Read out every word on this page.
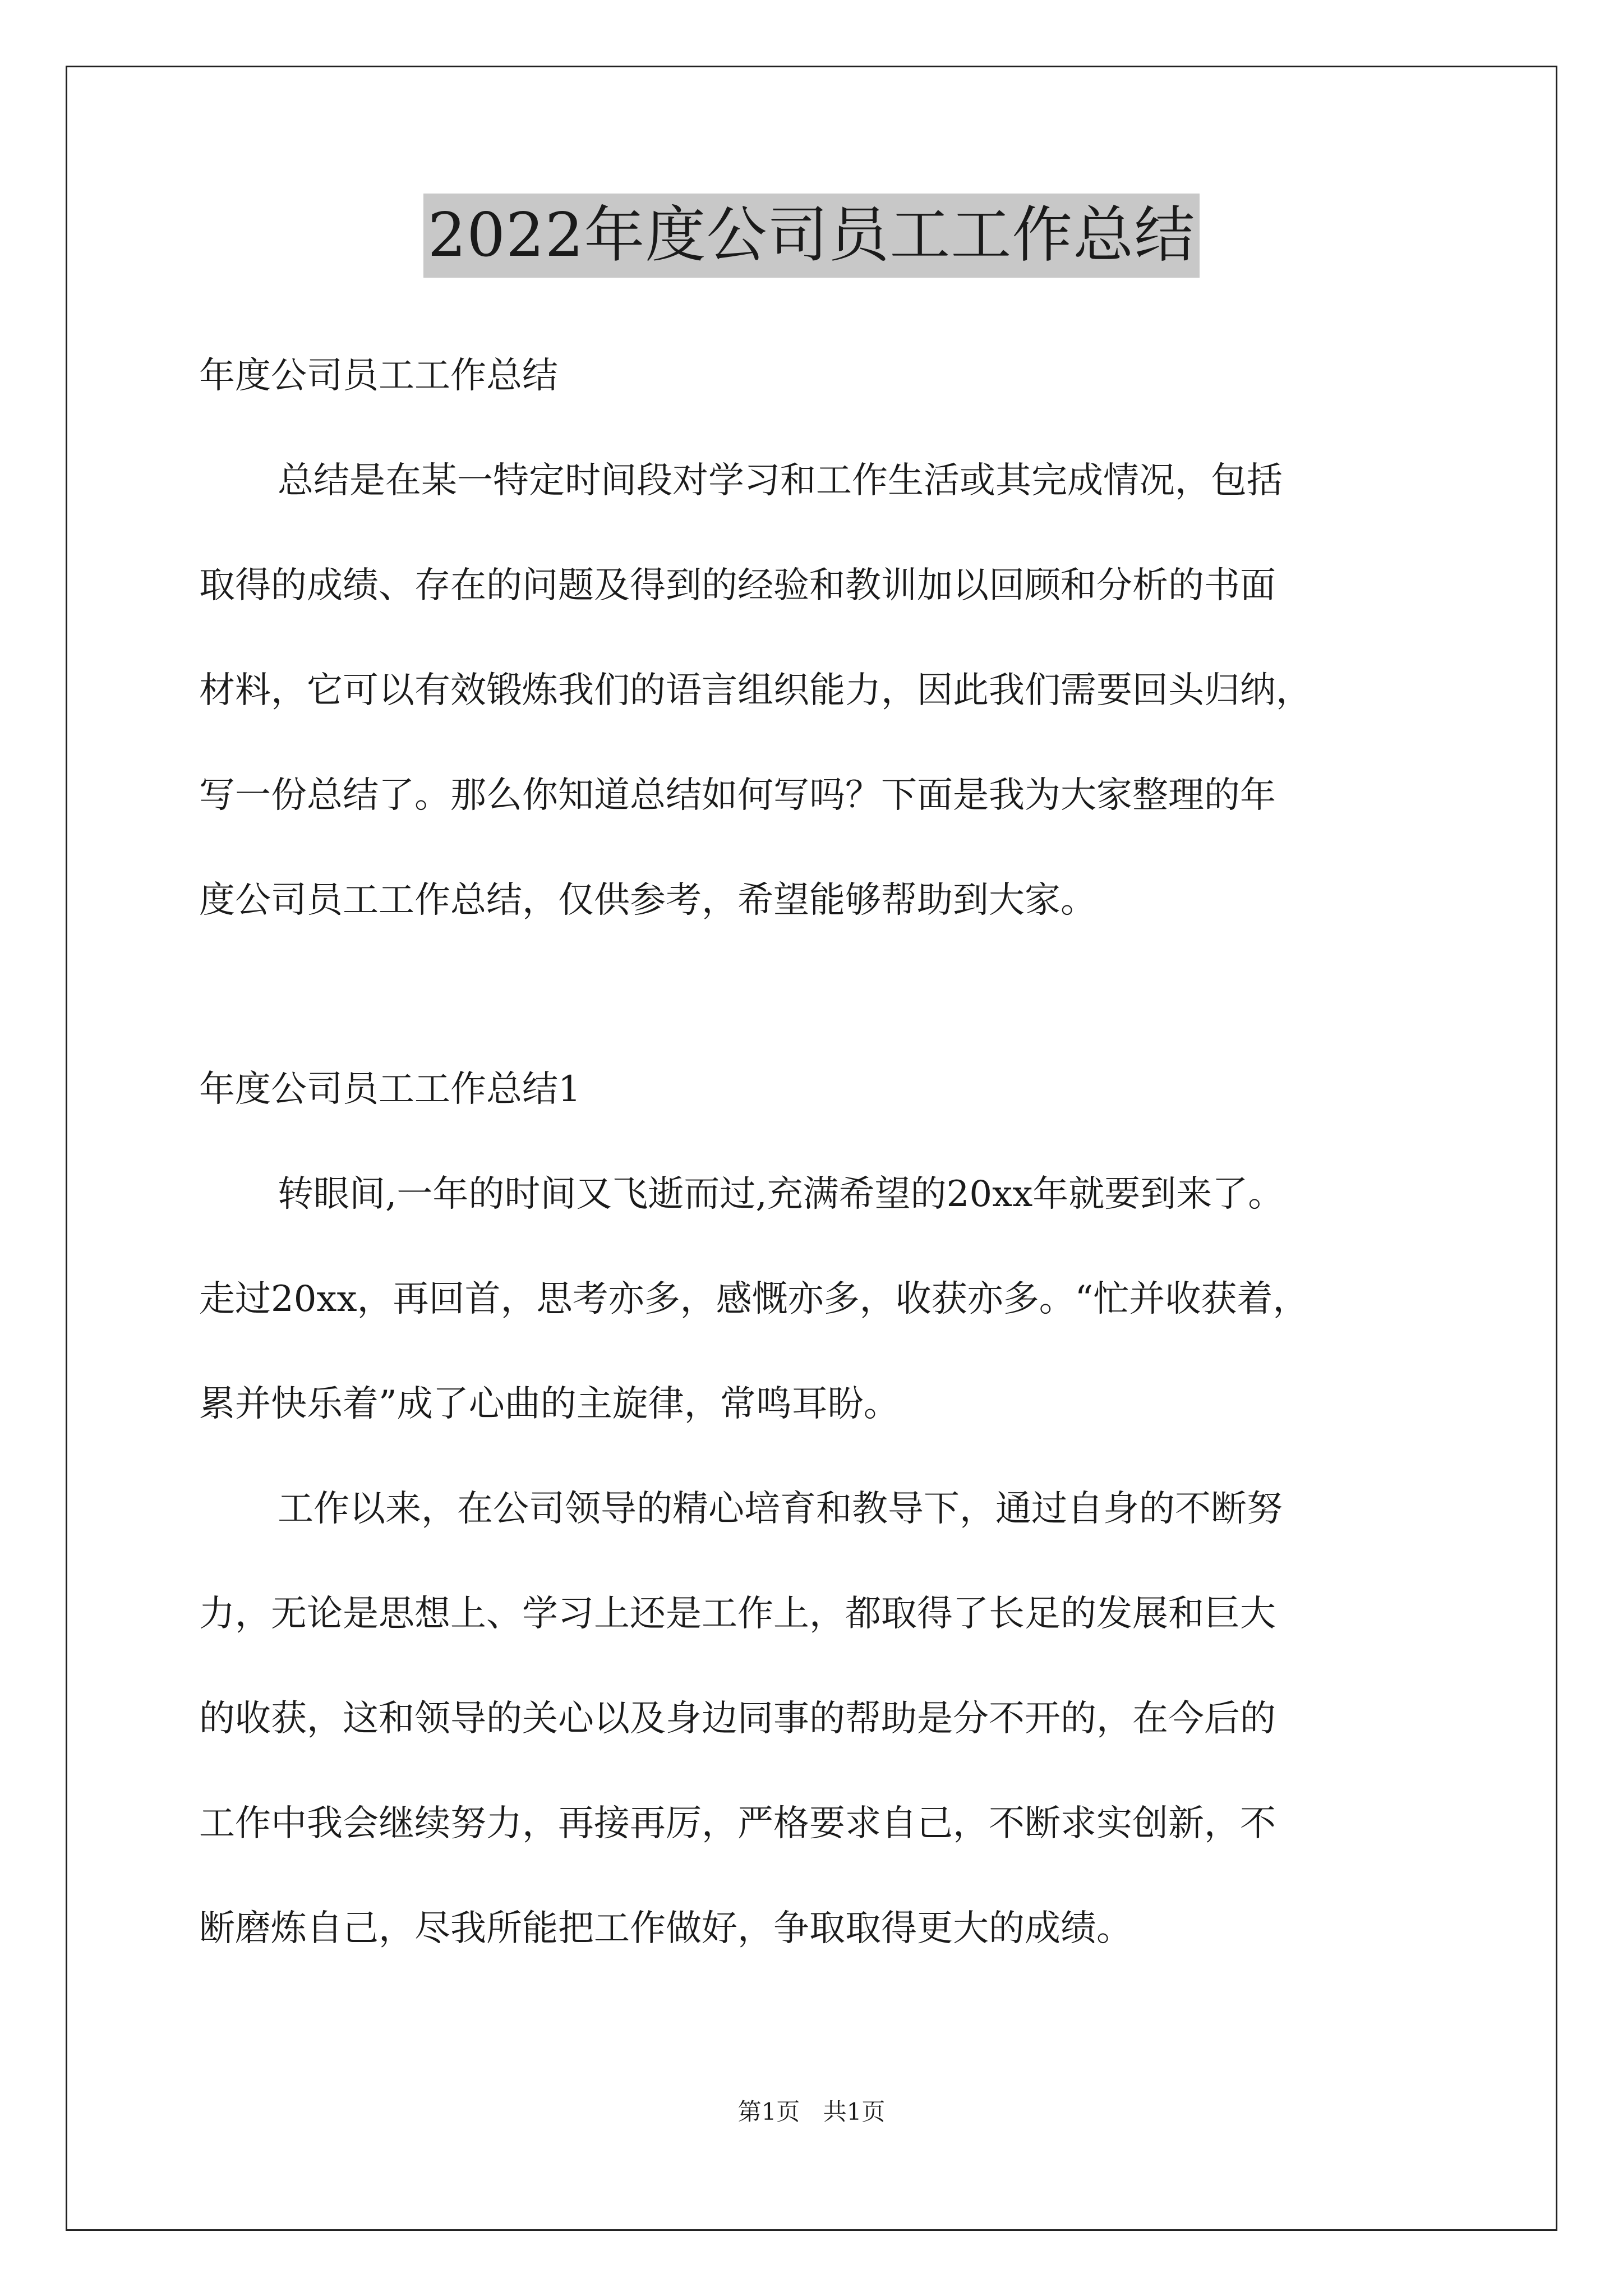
2022年度公司员工工作总结
年度公司员工工作总结
总结是在某一特定时间段对学习和工作生活或其完成情况，包括
取得的成绩、存在的问题及得到的经验和教训加以回顾和分析的书面
材料，它可以有效锻炼我们的语言组织能力，因此我们需要回头归纳，
写一份总结了。那么你知道总结如何写吗？下面是我为大家整理的年
度公司员工工作总结，仅供参考，希望能够帮助到大家。
年度公司员工工作总结1
转眼间,一年的时间又飞逝而过,充满希望的20xx年就要到来了。
走过20xx，再回首，思考亦多，感慨亦多，收获亦多。“忙并收获着，
累并快乐着”成了心曲的主旋律，常鸣耳盼。
工作以来，在公司领导的精心培育和教导下，通过自身的不断努
力，无论是思想上、学习上还是工作上，都取得了长足的发展和巨大
的收获，这和领导的关心以及身边同事的帮助是分不开的，在今后的
工作中我会继续努力，再接再厉，严格要求自己，不断求实创新，不
断磨炼自己，尽我所能把工作做好，争取取得更大的成绩。
第1页 共1页
